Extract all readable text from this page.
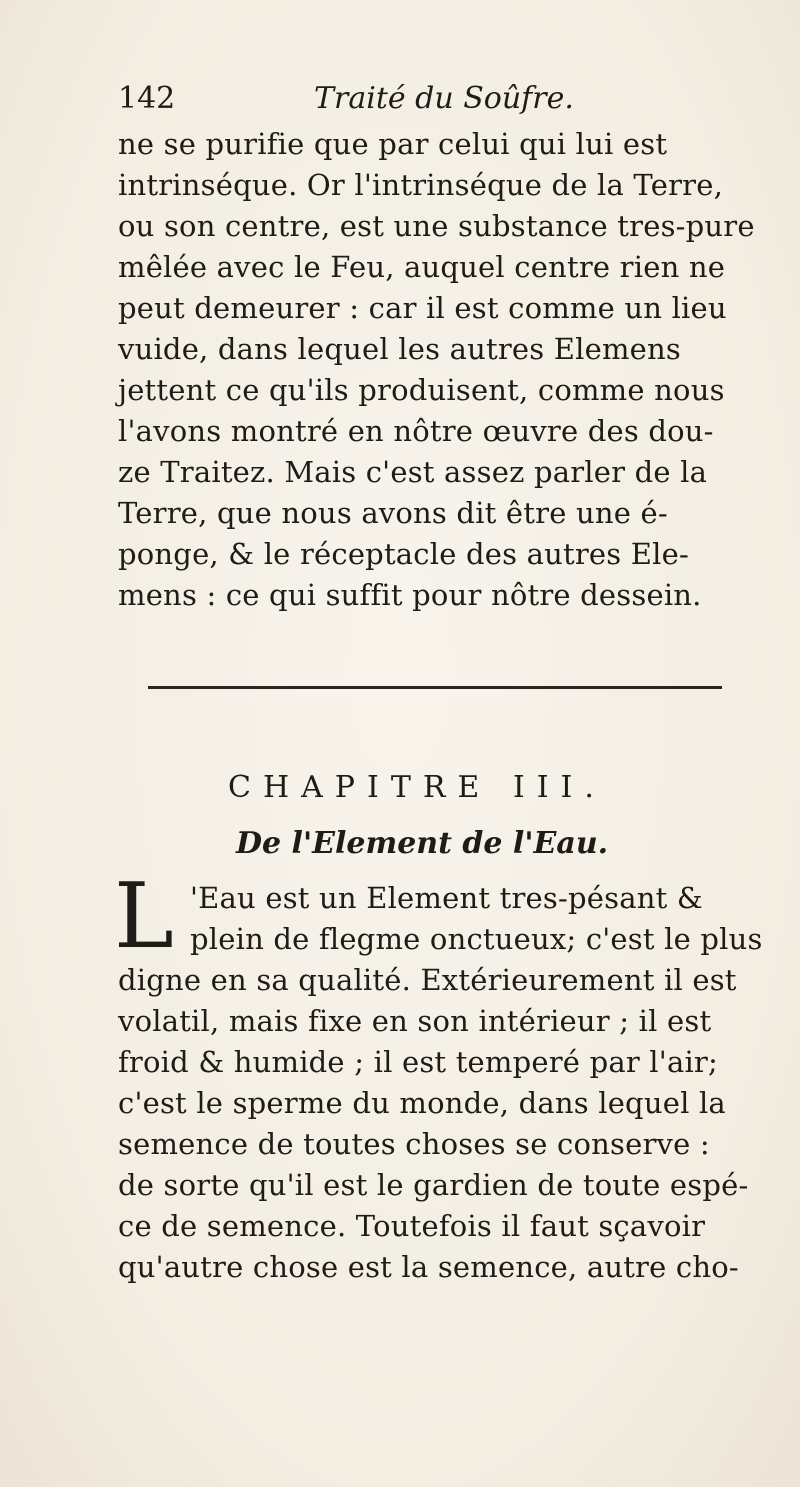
142	Traité du Soûfre.
ne se purifie que par celui qui lui est
intrinséque. Or l'intrinséque de la Terre,
ou son centre, est une substance tres-pure
mêlée avec le Feu, auquel centre rien ne
peut demeurer : car il est comme un lieu
vuide, dans lequel les autres Elemens
jettent ce qu'ils produisent, comme nous
l'avons montré en nôtre œuvre des dou-
ze Traitez. Mais c'est assez parler de la
Terre, que nous avons dit être une é-
ponge, & le réceptacle des autres Ele-
mens : ce qui suffit pour nôtre dessein.
CHAPITRE III.
De l'Element de l'Eau.
L 'Eau est un Element tres-pésant &
plein de flegme onctueux; c'est le plus
digne en sa qualité. Extérieurement il est
volatil, mais fixe en son intérieur ; il est
froid & humide ; il est temperé par l'air;
c'est le sperme du monde, dans lequel la
semence de toutes choses se conserve :
de sorte qu'il est le gardien de toute espé-
ce de semence. Toutefois il faut sçavoir
qu'autre chose est la semence, autre cho-
